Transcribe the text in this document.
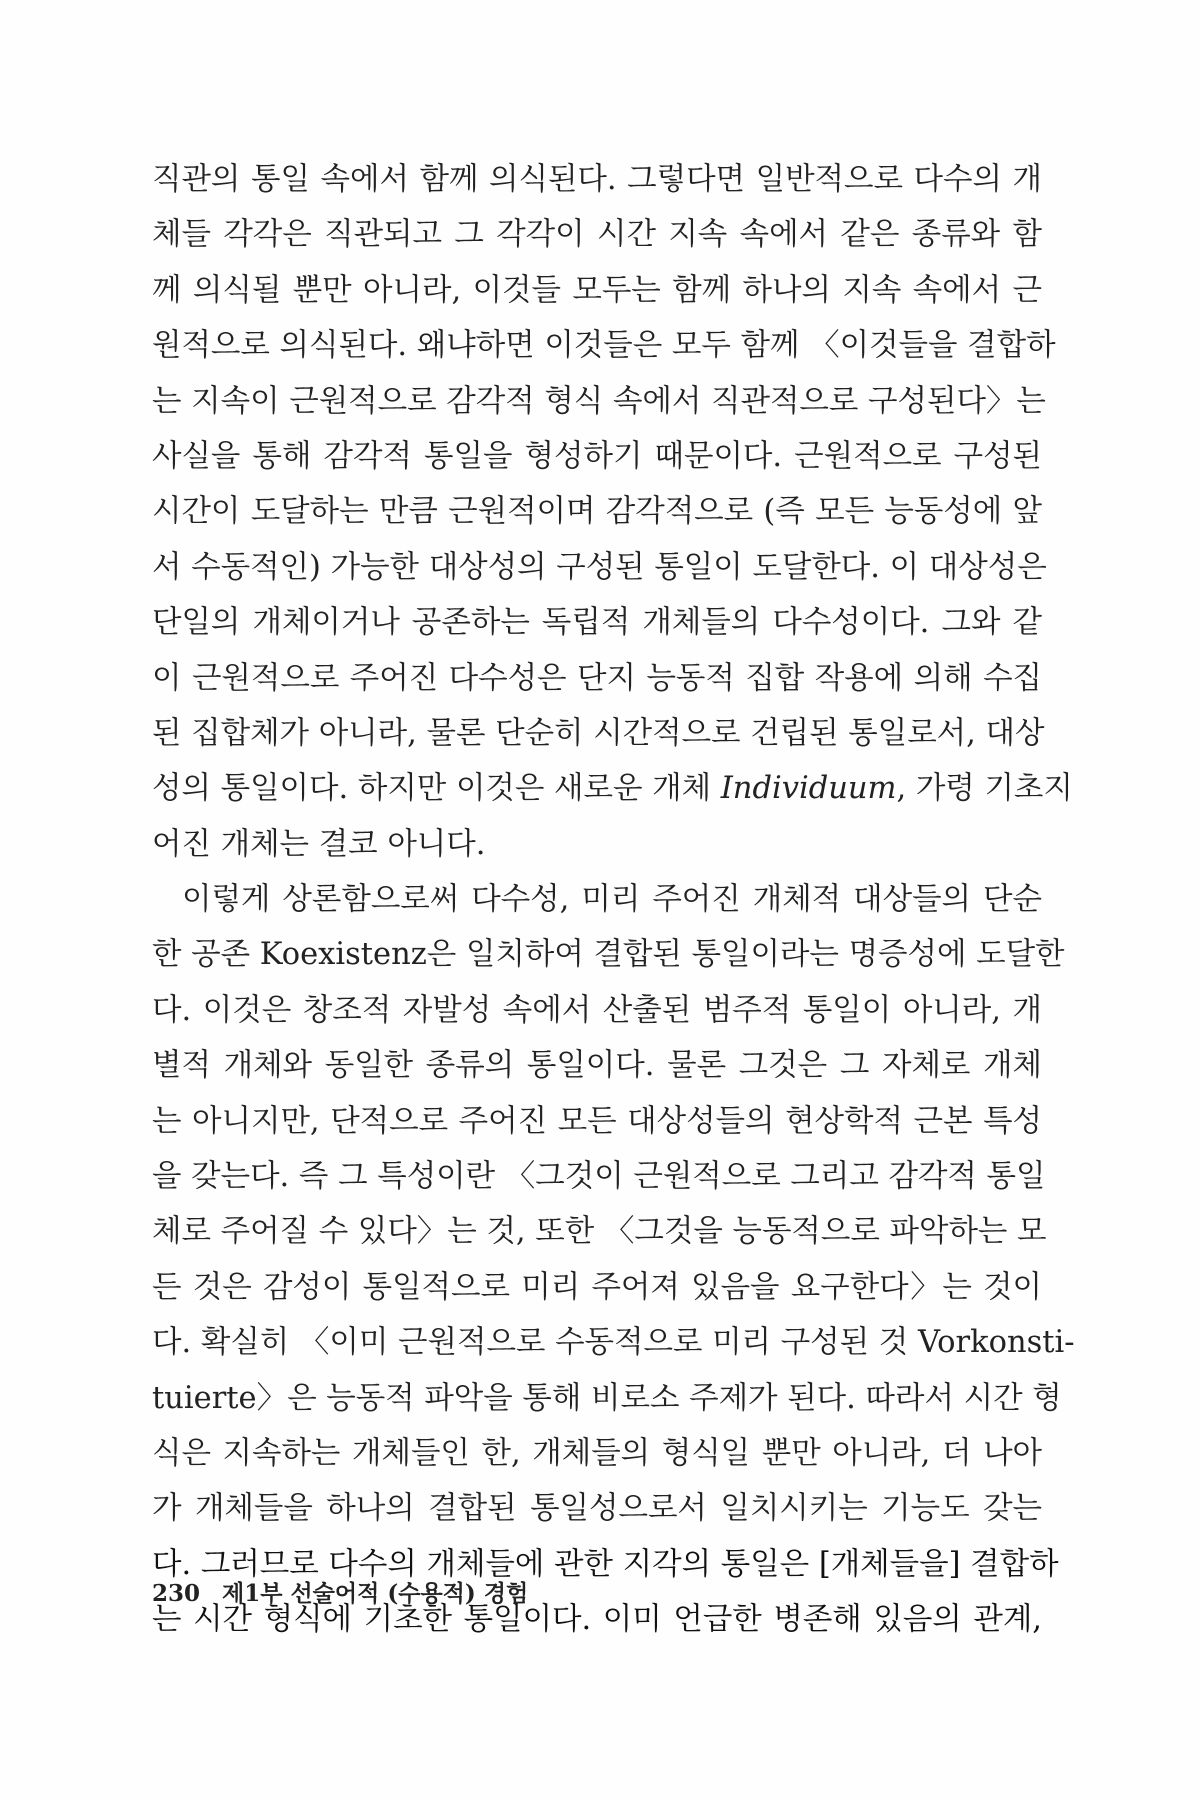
직관의 통일 속에서 함께 의식된다. 그렇다면 일반적으로 다수의 개
체들 각각은 직관되고 그 각각이 시간 지속 속에서 같은 종류와 함
께 의식될 뿐만 아니라, 이것들 모두는 함께 하나의 지속 속에서 근
원적으로 의식된다. 왜냐하면 이것들은 모두 함께 〈이것들을 결합하
는 지속이 근원적으로 감각적 형식 속에서 직관적으로 구성된다〉는
사실을 통해 감각적 통일을 형성하기 때문이다. 근원적으로 구성된
시간이 도달하는 만큼 근원적이며 감각적으로 (즉 모든 능동성에 앞
서 수동적인) 가능한 대상성의 구성된 통일이 도달한다. 이 대상성은
단일의 개체이거나 공존하는 독립적 개체들의 다수성이다. 그와 같
이 근원적으로 주어진 다수성은 단지 능동적 집합 작용에 의해 수집
된 집합체가 아니라, 물론 단순히 시간적으로 건립된 통일로서, 대상
성의 통일이다. 하지만 이것은 새로운 개체 Individuum, 가령 기초지
어진 개체는 결코 아니다.
이렇게 상론함으로써 다수성, 미리 주어진 개체적 대상들의 단순
한 공존 Koexistenz은 일치하여 결합된 통일이라는 명증성에 도달한
다. 이것은 창조적 자발성 속에서 산출된 범주적 통일이 아니라, 개
별적 개체와 동일한 종류의 통일이다. 물론 그것은 그 자체로 개체
는 아니지만, 단적으로 주어진 모든 대상성들의 현상학적 근본 특성
을 갖는다. 즉 그 특성이란 〈그것이 근원적으로 그리고 감각적 통일
체로 주어질 수 있다〉는 것, 또한 〈그것을 능동적으로 파악하는 모
든 것은 감성이 통일적으로 미리 주어져 있음을 요구한다〉는 것이
다. 확실히 〈이미 근원적으로 수동적으로 미리 구성된 것 Vorkonsti-
tuierte〉은 능동적 파악을 통해 비로소 주제가 된다. 따라서 시간 형
식은 지속하는 개체들인 한, 개체들의 형식일 뿐만 아니라, 더 나아
가 개체들을 하나의 결합된 통일성으로서 일치시키는 기능도 갖는
다. 그러므로 다수의 개체들에 관한 지각의 통일은 [개체들을] 결합하
는 시간 형식에 기초한 통일이다. 이미 언급한 병존해 있음의 관계,
230 제1부 선술어적 (수용적) 경험
